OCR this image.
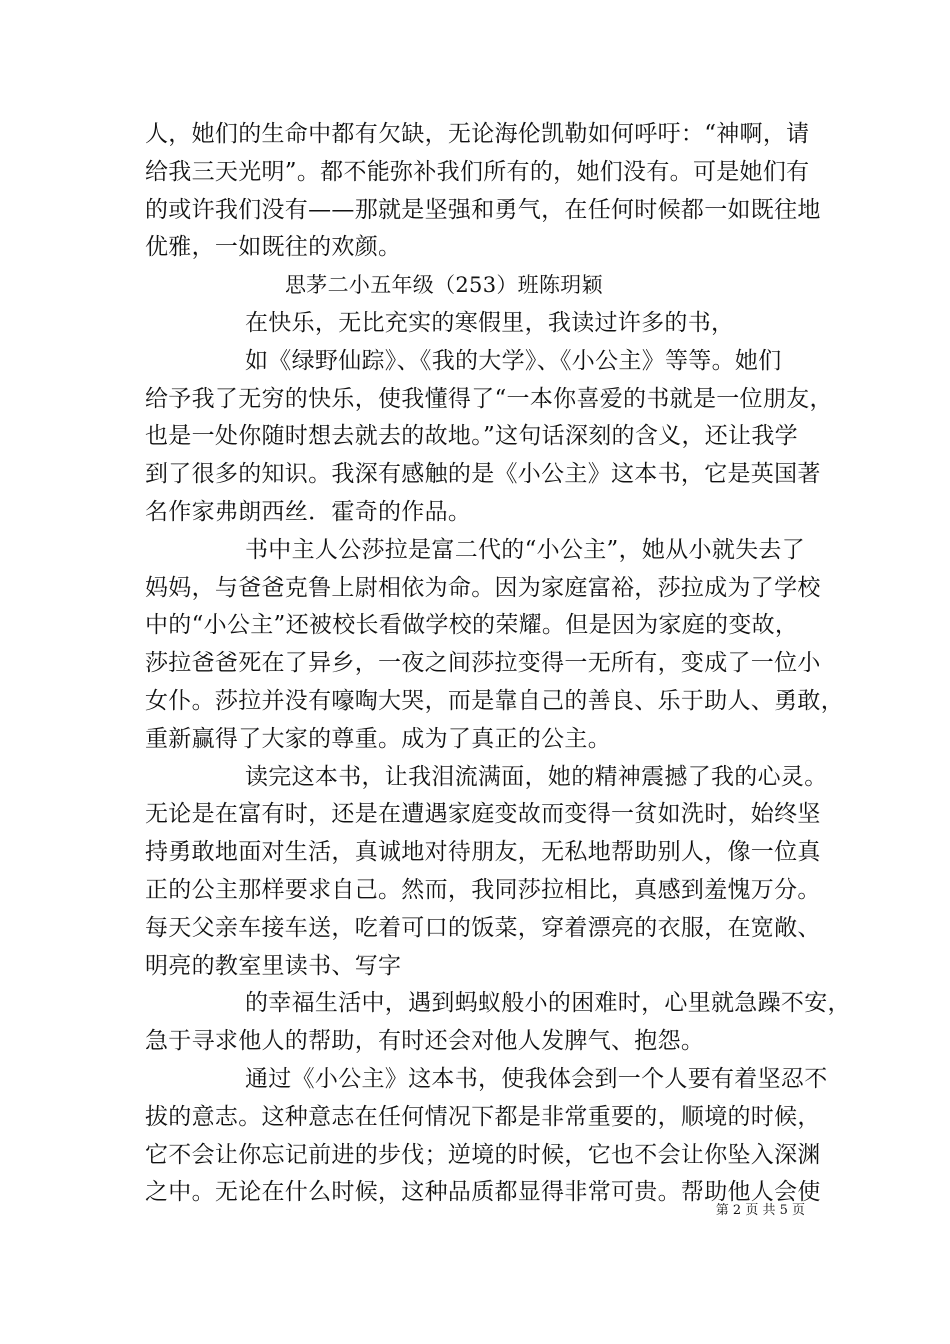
人，她们的生命中都有欠缺，无论海伦凯勒如何呼吁：“神啊，请
给我三天光明”。都不能弥补我们所有的，她们没有。可是她们有
的或许我们没有——那就是坚强和勇气，在任何时候都一如既往地
优雅，一如既往的欢颜。
思茅二小五年级（253）班陈玥颖
在快乐，无比充实的寒假里，我读过许多的书，
如《绿野仙踪》、《我的大学》、《小公主》等等。她们
给予我了无穷的快乐，使我懂得了“一本你喜爱的书就是一位朋友，
也是一处你随时想去就去的故地。”这句话深刻的含义，还让我学
到了很多的知识。我深有感触的是《小公主》这本书，它是英国著
名作家弗朗西丝．霍奇的作品。
书中主人公莎拉是富二代的“小公主”，她从小就失去了
妈妈，与爸爸克鲁上尉相依为命。因为家庭富裕，莎拉成为了学校
中的“小公主”还被校长看做学校的荣耀。但是因为家庭的变故，
莎拉爸爸死在了异乡，一夜之间莎拉变得一无所有，变成了一位小
女仆。莎拉并没有嚎啕大哭，而是靠自己的善良、乐于助人、勇敢，
重新赢得了大家的尊重。成为了真正的公主。
读完这本书，让我泪流满面，她的精神震撼了我的心灵。
无论是在富有时，还是在遭遇家庭变故而变得一贫如洗时，始终坚
持勇敢地面对生活，真诚地对待朋友，无私地帮助别人，像一位真
正的公主那样要求自己。然而，我同莎拉相比，真感到羞愧万分。
每天父亲车接车送，吃着可口的饭菜，穿着漂亮的衣服，在宽敞、
明亮的教室里读书、写字
的幸福生活中，遇到蚂蚁般小的困难时，心里就急躁不安，
急于寻求他人的帮助，有时还会对他人发脾气、抱怨。
通过《小公主》这本书，使我体会到一个人要有着坚忍不
拔的意志。这种意志在任何情况下都是非常重要的，顺境的时候，
它不会让你忘记前进的步伐；逆境的时候，它也不会让你坠入深渊
之中。无论在什么时候，这种品质都显得非常可贵。帮助他人会使
第 2 页 共 5 页
